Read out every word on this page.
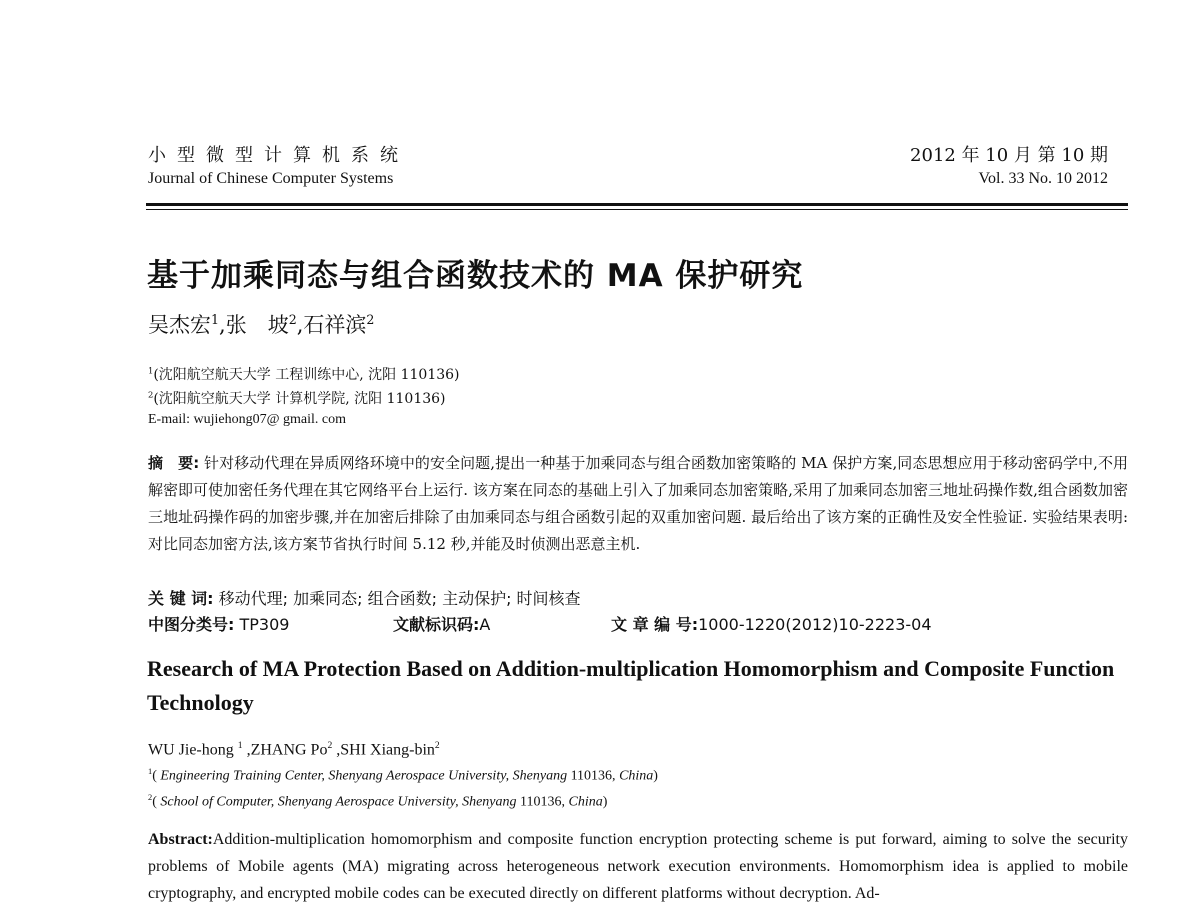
小型微型计算机系统
Journal of Chinese Computer Systems
2012 年 10 月 第 10 期
Vol. 33 No. 10 2012
基于加乘同态与组合函数技术的 MA 保护研究
吴杰宏$^1$,张　坡$^2$,石祥滨$^2$
$^1$(沈阳航空航天大学 工程训练中心, 沈阳 110136)
$^2$(沈阳航空航天大学 计算机学院, 沈阳 110136)
E-mail: wujiehong07@ gmail. com
摘　要: 针对移动代理在异质网络环境中的安全问题,提出一种基于加乘同态与组合函数加密策略的 MA 保护方案,同态思想应用于移动密码学中,不用解密即可使加密任务代理在其它网络平台上运行. 该方案在同态的基础上引入了加乘同态加密策略,采用了加乘同态加密三地址码操作数,组合函数加密三地址码操作码的加密步骤,并在加密后排除了由加乘同态与组合函数引起的双重加密问题. 最后给出了该方案的正确性及安全性验证. 实验结果表明:对比同态加密方法,该方案节省执行时间 5.12 秒,并能及时侦测出恶意主机.
关 键 词: 移动代理; 加乘同态; 组合函数; 主动保护; 时间核查
中图分类号: TP309	文献标识码:A	文 章 编 号:1000-1220(2012)10-2223-04
Research of MA Protection Based on Addition-multiplication Homomorphism and Composite Function Technology
WU Jie-hong $^1$ ,ZHANG Po$^2$ ,SHI Xiang-bin$^2$
$^1$( Engineering Training Center, Shenyang Aerospace University, Shenyang 110136, China)
$^2$( School of Computer, Shenyang Aerospace University, Shenyang 110136, China)
Abstract:Addition-multiplication homomorphism and composite function encryption protecting scheme is put forward, aiming to solve the security problems of Mobile agents (MA) migrating across heterogeneous network execution environments. Homomorphism idea is applied to mobile cryptography, and encrypted mobile codes can be executed directly on different platforms without decryption. Ad-
